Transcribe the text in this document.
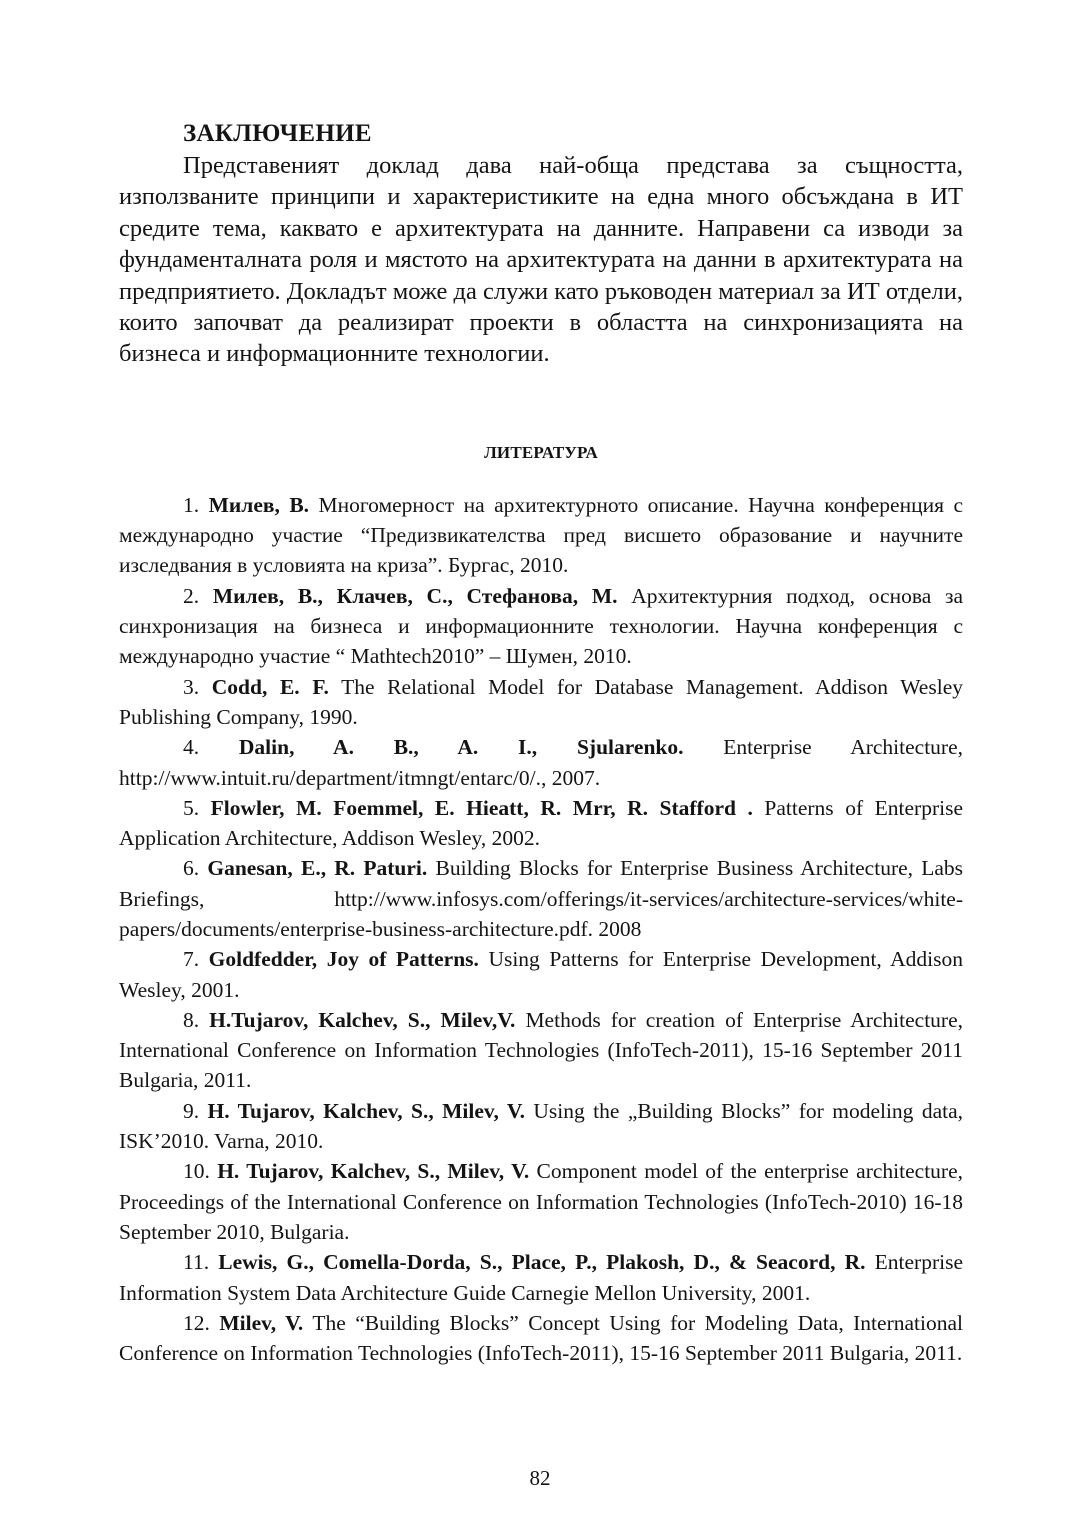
ЗАКЛЮЧЕНИЕ

Представеният доклад дава най-обща представа за същността, използваните принципи и характеристиките на една много обсъждана в ИТ средите тема, каквато е архитектурата на данните. Направени са изводи за фундаменталната роля и мястото на архитектурата на данни в архитектурата на предприятието. Докладът може да служи като ръководен материал за ИТ отдели, които започват да реализират проекти в областта на синхронизацията на бизнеса и информационните технологии.

ЛИТЕРАТУРА
1. Милев, В. Многомерност на архитектурното описание. Научна конференция с международно участие “Предизвикателства пред висшето образование и научните изследвания в условията на криза”. Бургас, 2010.
2. Милев, В., Клачев, С., Стефанова, М. Архитектурния подход, основа за синхронизация на бизнеса и информационните технологии. Научна конференция с международно участие “ Mathtech2010” – Шумен, 2010.
3. Codd, E. F. The Relational Model for Database Management. Addison Wesley Publishing Company, 1990.
4. Dalin, A. B., A. I., Sjularenko. Enterprise Architecture, http://www.intuit.ru/department/itmngt/entarc/0/., 2007.
5. Flowler, M. Foemmel, E. Hieatt, R. Mrr, R. Stafford . Patterns of Enterprise Application Architecture, Addison Wesley, 2002.
6. Ganesan, E., R. Paturi. Building Blocks for Enterprise Business Architecture, Labs Briefings, http://www.infosys.com/offerings/it-services/architecture-services/white-papers/documents/enterprise-business-architecture.pdf. 2008
7. Goldfedder, Joy of Patterns. Using Patterns for Enterprise Development, Addison Wesley, 2001.
8. H.Tujarov, Kalchev, S., Milev,V. Methods for creation of Enterprise Architecture, International Conference on Information Technologies (InfoTech-2011), 15-16 September 2011 Bulgaria, 2011.
9. H. Tujarov, Kalchev, S., Milev, V. Using the „Building Blocks” for modeling data, ISK’2010. Varna, 2010.
10. H. Tujarov, Kalchev, S., Milev, V. Component model of the enterprise architecture, Proceedings of the International Conference on Information Technologies (InfoTech-2010) 16-18 September 2010, Bulgaria.
11. Lewis, G., Comella-Dorda, S., Place, P., Plakosh, D., & Seacord, R. Enterprise Information System Data Architecture Guide Carnegie Mellon University, 2001.
12. Milev, V. The “Building Blocks” Concept Using for Modeling Data, International Conference on Information Technologies (InfoTech-2011), 15-16 September 2011 Bulgaria, 2011.
82
